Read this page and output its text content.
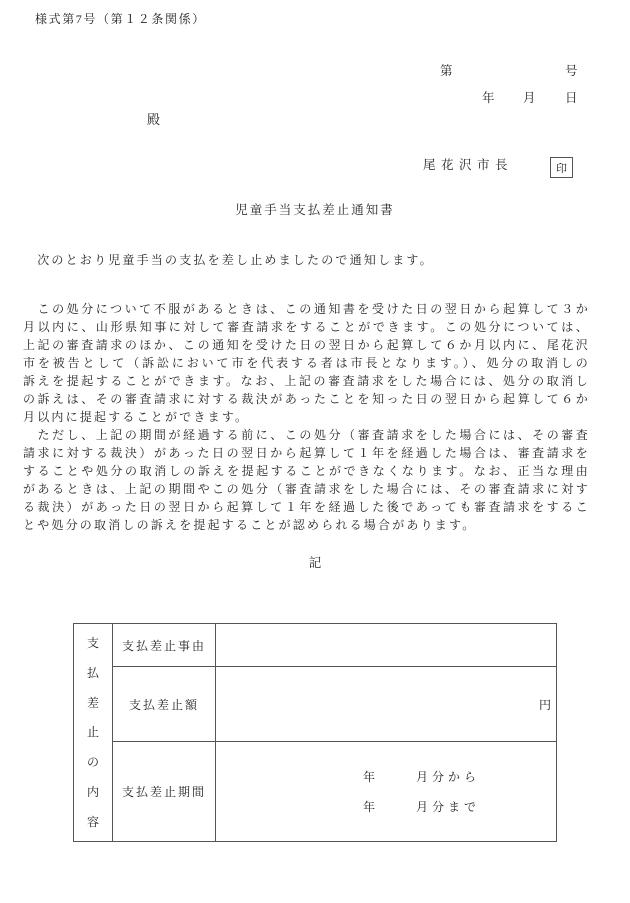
様式第7号（第１２条関係）
第	号
年 月 日
殿
尾花沢市長	印
児童手当支払差止通知書

　次のとおり児童手当の支払を差し止めましたので通知します。

　この処分について不服があるときは、この通知書を受けた日の翌日から起算して３か
月以内に、山形県知事に対して審査請求をすることができます。この処分については、
上記の審査請求のほか、この通知を受けた日の翌日から起算して６か月以内に、尾花沢
市を被告として（訴訟において市を代表する者は市長となります。）、処分の取消しの
訴えを提起することができます。なお、上記の審査請求をした場合には、処分の取消し
の訴えは、その審査請求に対する裁決があったことを知った日の翌日から起算して６か
月以内に提起することができます。
　ただし、上記の期間が経過する前に、この処分（審査請求をした場合には、その審査
請求に対する裁決）があった日の翌日から起算して１年を経過した場合は、審査請求を
することや処分の取消しの訴えを提起することができなくなります。なお、正当な理由
があるときは、上記の期間やこの処分（審査請求をした場合には、その審査請求に対す
る裁決）があった日の翌日から起算して１年を経過した後であっても審査請求をするこ
とや処分の取消しの訴えを提起することが認められる場合があります。
記
支
払
差
止
の
内
容
支払差止事由
支払差止額	円
支払差止期間
年	月分から
年	月分まで
